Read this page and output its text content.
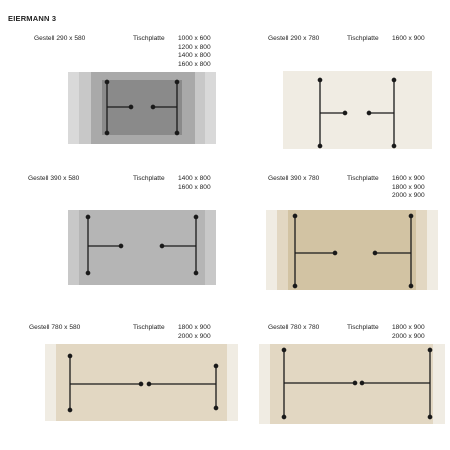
EIERMANN 3
Gestell 290 x 580	Tischplatte 1000 x 600
1200 x 800
1400 x 800
1600 x 800
Gestell 290 x 780	Tischplatte 1600 x 900
Gestell 390 x 580	Tischplatte 1400 x 800
1600 x 800
Gestell 390 x 780	Tischplatte 1600 x 900
1800 x 900
2000 x 900
Gestell 780 x 580	Tischplatte 1800 x 900
2000 x 900
Gestell 780 x 780	Tischplatte 1800 x 900
2000 x 900
